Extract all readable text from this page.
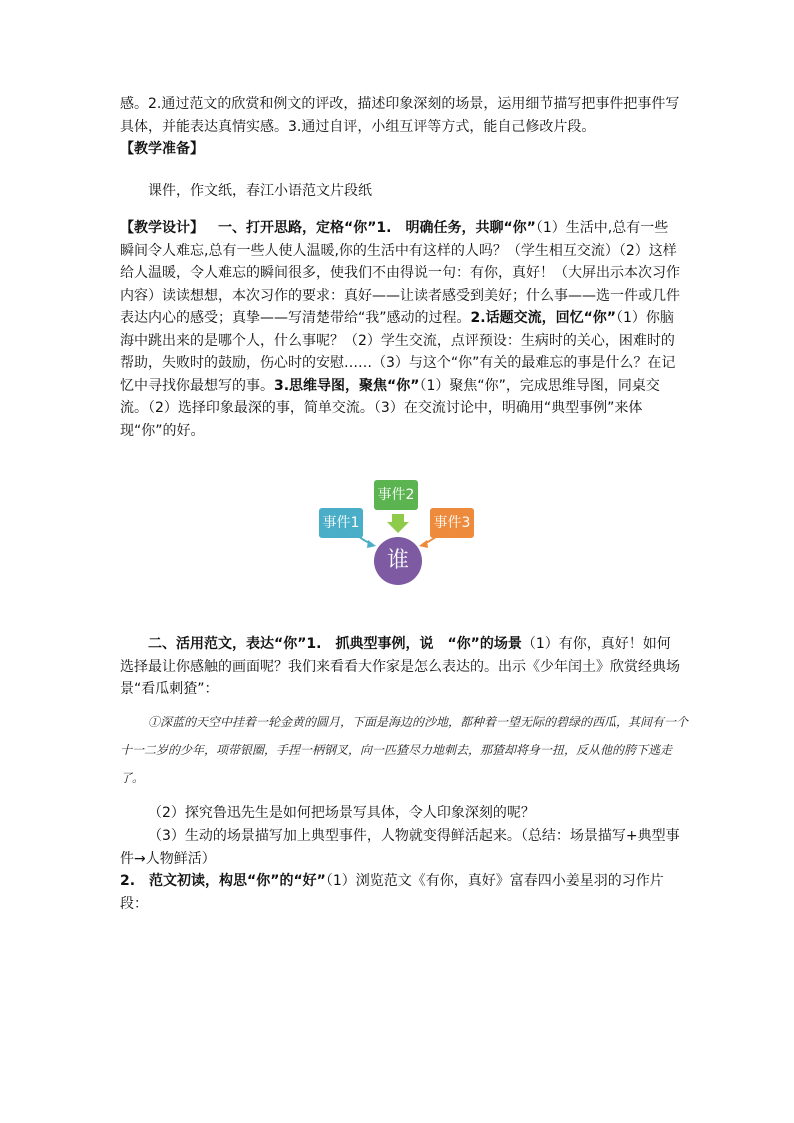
感。2.通过范文的欣赏和例文的评改，描述印象深刻的场景，运用细节描写把事件把事件写具体，并能表达真情实感。3.通过自评，小组互评等方式，能自己修改片段。
【教学准备】

课件，作文纸，春江小语范文片段纸

【教学设计】  一、打开思路，定格“你”1.　明确任务，共聊“你”（1）生活中,总有一些瞬间令人难忘,总有一些人使人温暖,你的生活中有这样的人吗？（学生相互交流）（2）这样给人温暖，令人难忘的瞬间很多，使我们不由得说一句：有你，真好！（大屏出示本次习作内容）读读想想，本次习作的要求：真好——让读者感受到美好；什么事——选一件或几件表达内心的感受；真挚——写清楚带给“我”感动的过程。2.话题交流，回忆“你”（1）你脑海中跳出来的是哪个人，什么事呢？（2）学生交流，点评预设：生病时的关心，困难时的帮助，失败时的鼓励，伤心时的安慰……（3）与这个“你”有关的最难忘的事是什么？在记忆中寻找你最想写的事。3.思维导图，聚焦“你”（1）聚焦“你”，完成思维导图，同桌交流。（2）选择印象最深的事，简单交流。（3）在交流讨论中，明确用“典型事例”来体现“你”的好。

事件1
事件2
事件3
谁

二、活用范文，表达“你”1.　抓典型事例，说　“你”的场景（1）有你，真好！如何选择最让你感触的画面呢？我们来看看大作家是怎么表达的。出示《少年闰土》欣赏经典场景“看瓜刺猹”：

①深蓝的天空中挂着一轮金黄的圆月，下面是海边的沙地，都种着一望无际的碧绿的西瓜，其间有一个十一二岁的少年，项带银圈，手捏一柄钢叉，向一匹猹尽力地刺去，那猹却将身一扭，反从他的胯下逃走了。

（2）探究鲁迅先生是如何把场景写具体，令人印象深刻的呢？

（3）生动的场景描写加上典型事件，人物就变得鲜活起来。（总结：场景描写+典型事件→人物鲜活）

2.　范文初读，构思“你”的“好”（1）浏览范文《有你，真好》富春四小姜星羽的习作片段：
